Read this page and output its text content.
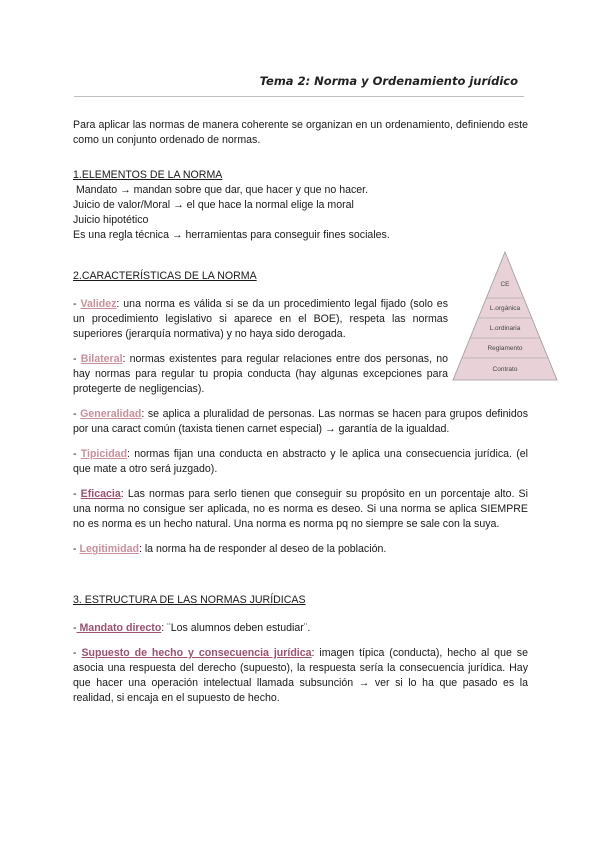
Tema 2: Norma y Ordenamiento jurídico

Para aplicar las normas de manera coherente se organizan en un ordenamiento, definiendo este como un conjunto ordenado de normas.

1.ELEMENTOS DE LA NORMA

Mandato → mandan sobre que dar, que hacer y que no hacer.

Juicio de valor/Moral → el que hace la normal elige la moral

Juicio hipotético

Es una regla técnica → herramientas para conseguir fines sociales.

2.CARACTERÍSTICAS DE LA NORMA

- Validez: una norma es válida si se da un procedimiento legal fijado (solo es un procedimiento legislativo si aparece en el BOE), respeta las normas superiores (jerarquía normativa) y no haya sido derogada.

- Bilateral: normas existentes para regular relaciones entre dos personas, no hay normas para regular tu propia conducta (hay algunas excepciones para protegerte de negligencias).

- Generalidad: se aplica a pluralidad de personas. Las normas se hacen para grupos definidos por una caract común (taxista tienen carnet especial) → garantía de la igualdad.

- Tipicidad: normas fijan una conducta en abstracto y le aplica una consecuencia jurídica. (el que mate a otro será juzgado).

- Eficacia: Las normas para serlo tienen que conseguir su propósito en un porcentaje alto. Si una norma no consigue ser aplicada, no es norma es deseo. Si una norma se aplica SIEMPRE no es norma es un hecho natural. Una norma es norma pq no siempre se sale con la suya.

- Legitimidad: la norma ha de responder al deseo de la población.

3. ESTRUCTURA DE LAS NORMAS JURÍDICAS

- Mandato directo: ¨Los alumnos deben estudiar¨.

- Supuesto de hecho y consecuencia jurídica: imagen típica (conducta), hecho al que se asocia una respuesta del derecho (supuesto), la respuesta sería la consecuencia jurídica. Hay que hacer una operación intelectual llamada subsunción → ver si lo ha que pasado es la realidad, si encaja en el supuesto de hecho.

CE
L.orgánica
L.ordinaria
Reglamento
Contrato
